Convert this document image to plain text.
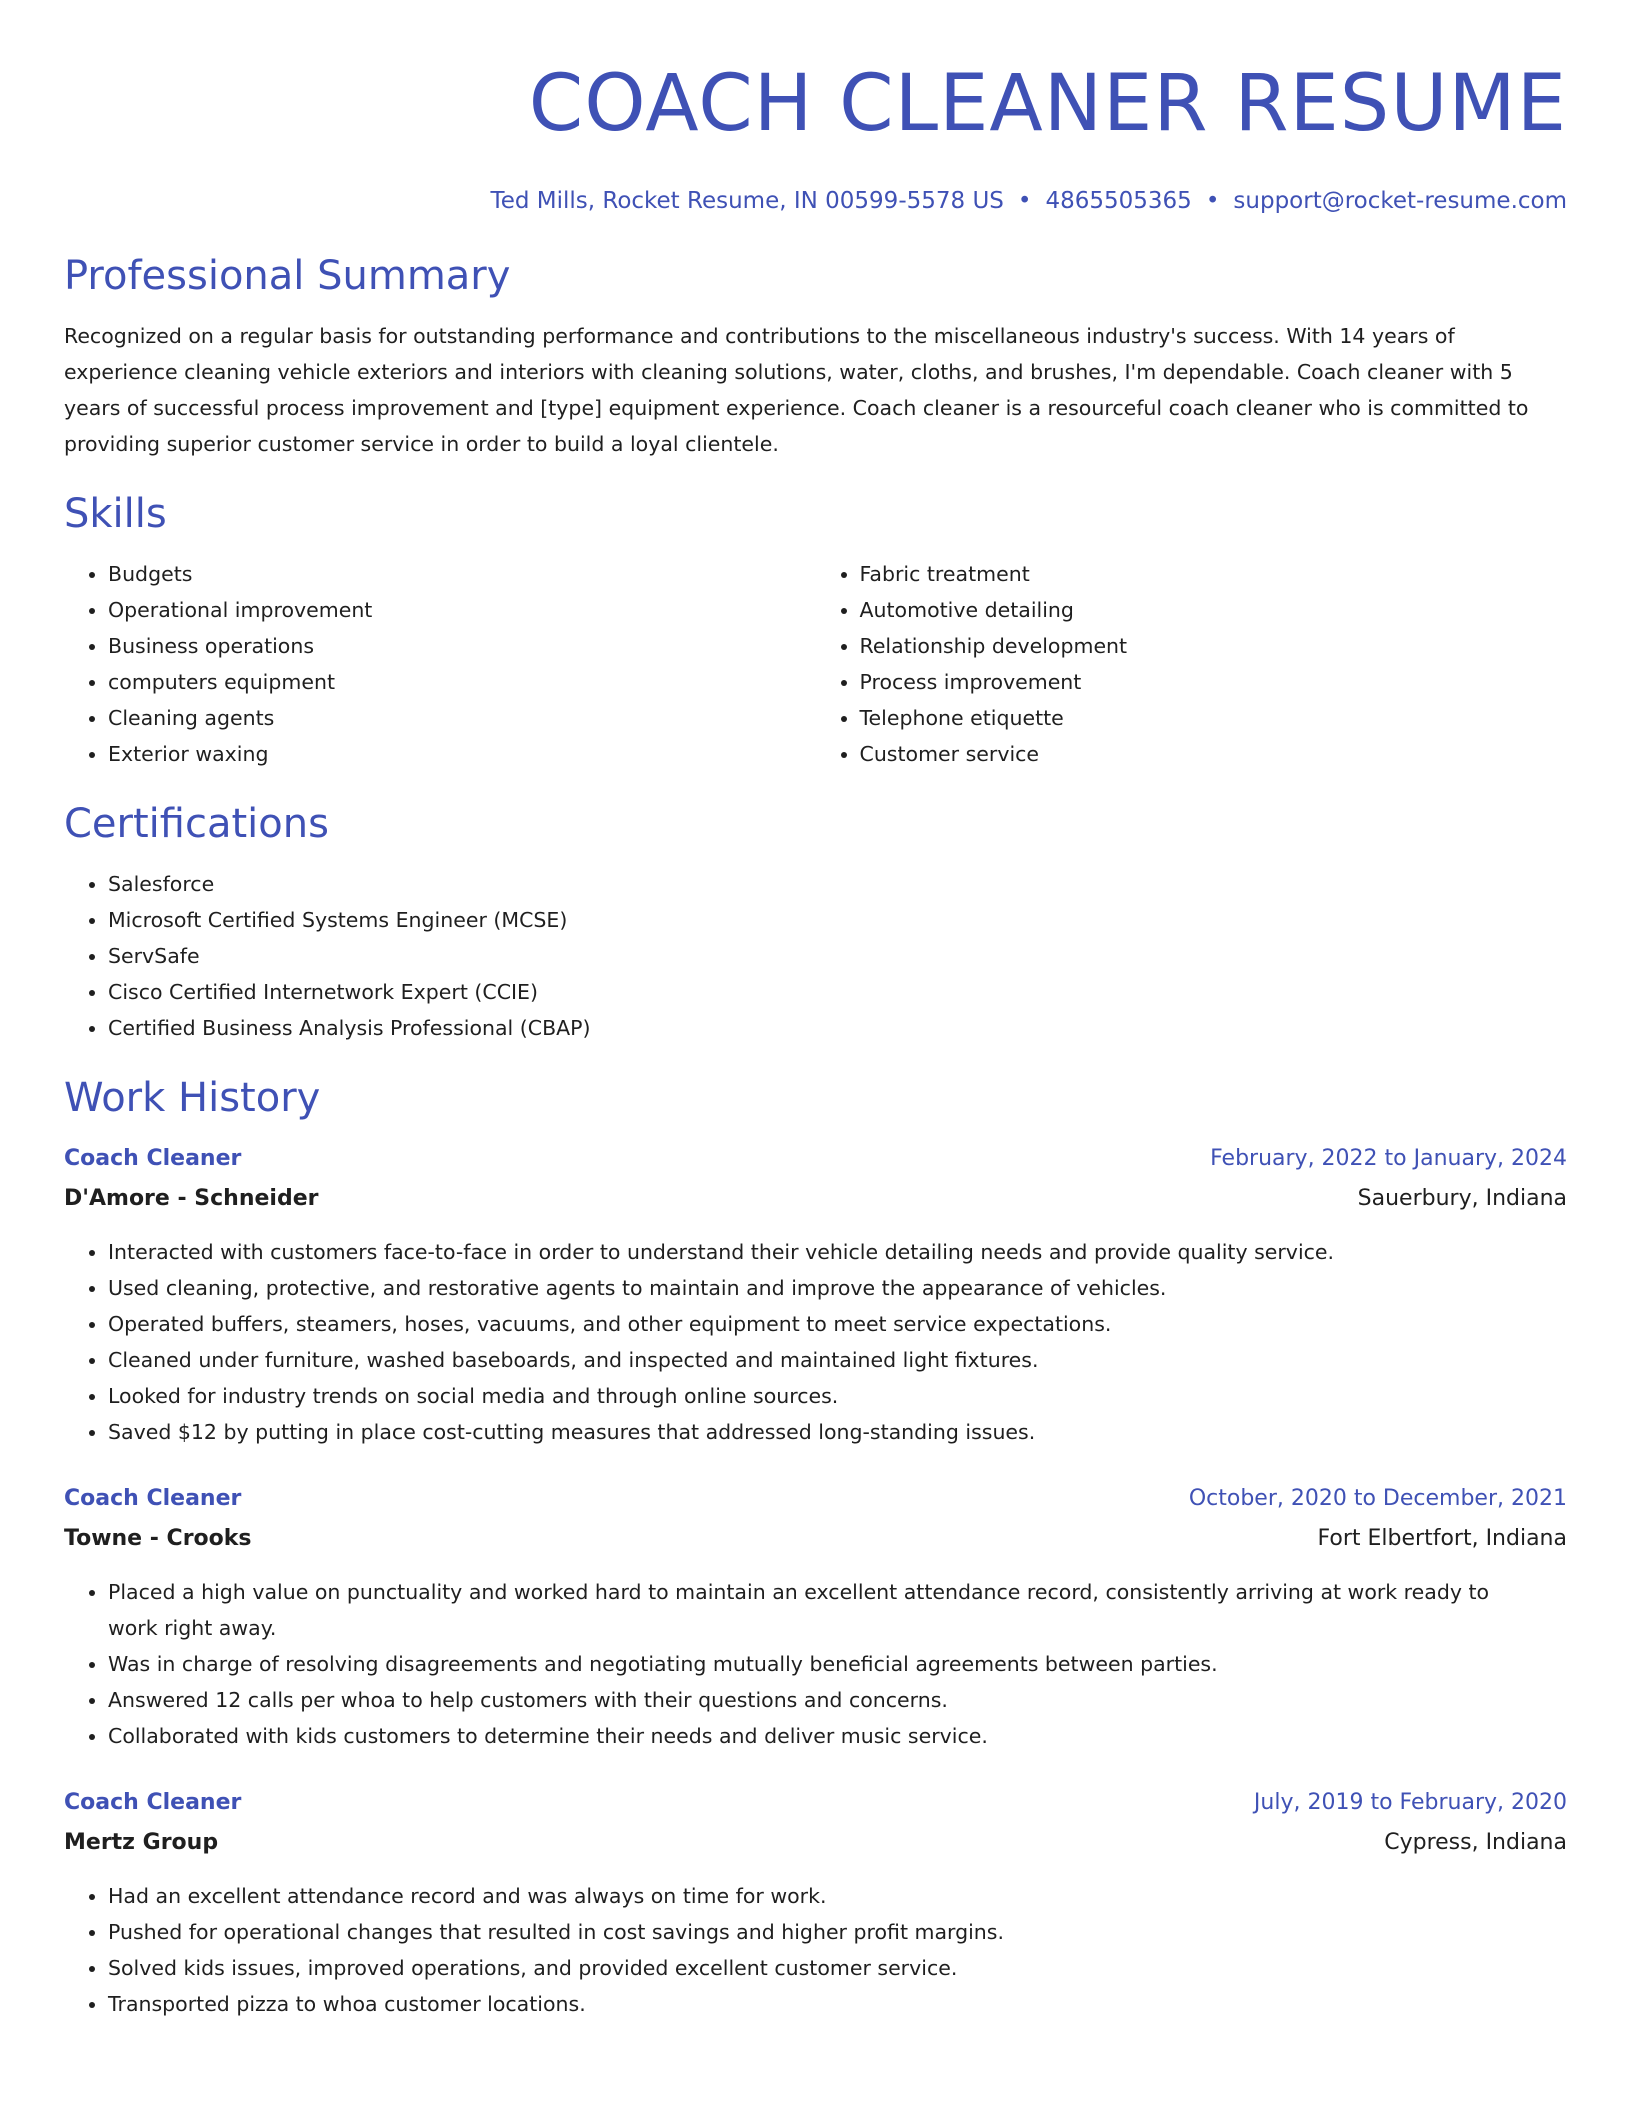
COACH CLEANER RESUME
Ted Mills, Rocket Resume, IN 00599-5578 US • 4865505365 • support@rocket-resume.com
Professional Summary

Recognized on a regular basis for outstanding performance and contributions to the miscellaneous industry's success. With 14 years of experience cleaning vehicle exteriors and interiors with cleaning solutions, water, cloths, and brushes, I'm dependable. Coach cleaner with 5 years of successful process improvement and [type] equipment experience. Coach cleaner is a resourceful coach cleaner who is committed to providing superior customer service in order to build a loyal clientele.

Skills
• Budgets
• Operational improvement
• Business operations
• computers equipment
• Cleaning agents
• Exterior waxing
• Fabric treatment
• Automotive detailing
• Relationship development
• Process improvement
• Telephone etiquette
• Customer service
Certifications
• Salesforce
• Microsoft Certified Systems Engineer (MCSE)
• ServSafe
• Cisco Certified Internetwork Expert (CCIE)
• Certified Business Analysis Professional (CBAP)
Work History
Coach Cleaner	February, 2022 to January, 2024
D'Amore - Schneider	Sauerbury, Indiana
• Interacted with customers face-to-face in order to understand their vehicle detailing needs and provide quality service.
• Used cleaning, protective, and restorative agents to maintain and improve the appearance of vehicles.
• Operated buffers, steamers, hoses, vacuums, and other equipment to meet service expectations.
• Cleaned under furniture, washed baseboards, and inspected and maintained light fixtures.
• Looked for industry trends on social media and through online sources.
• Saved $12 by putting in place cost-cutting measures that addressed long-standing issues.
Coach Cleaner	October, 2020 to December, 2021
Towne - Crooks	Fort Elbertfort, Indiana
• Placed a high value on punctuality and worked hard to maintain an excellent attendance record, consistently arriving at work ready to work right away.
• Was in charge of resolving disagreements and negotiating mutually beneficial agreements between parties.
• Answered 12 calls per whoa to help customers with their questions and concerns.
• Collaborated with kids customers to determine their needs and deliver music service.
Coach Cleaner	July, 2019 to February, 2020
Mertz Group	Cypress, Indiana
• Had an excellent attendance record and was always on time for work.
• Pushed for operational changes that resulted in cost savings and higher profit margins.
• Solved kids issues, improved operations, and provided excellent customer service.
• Transported pizza to whoa customer locations.
